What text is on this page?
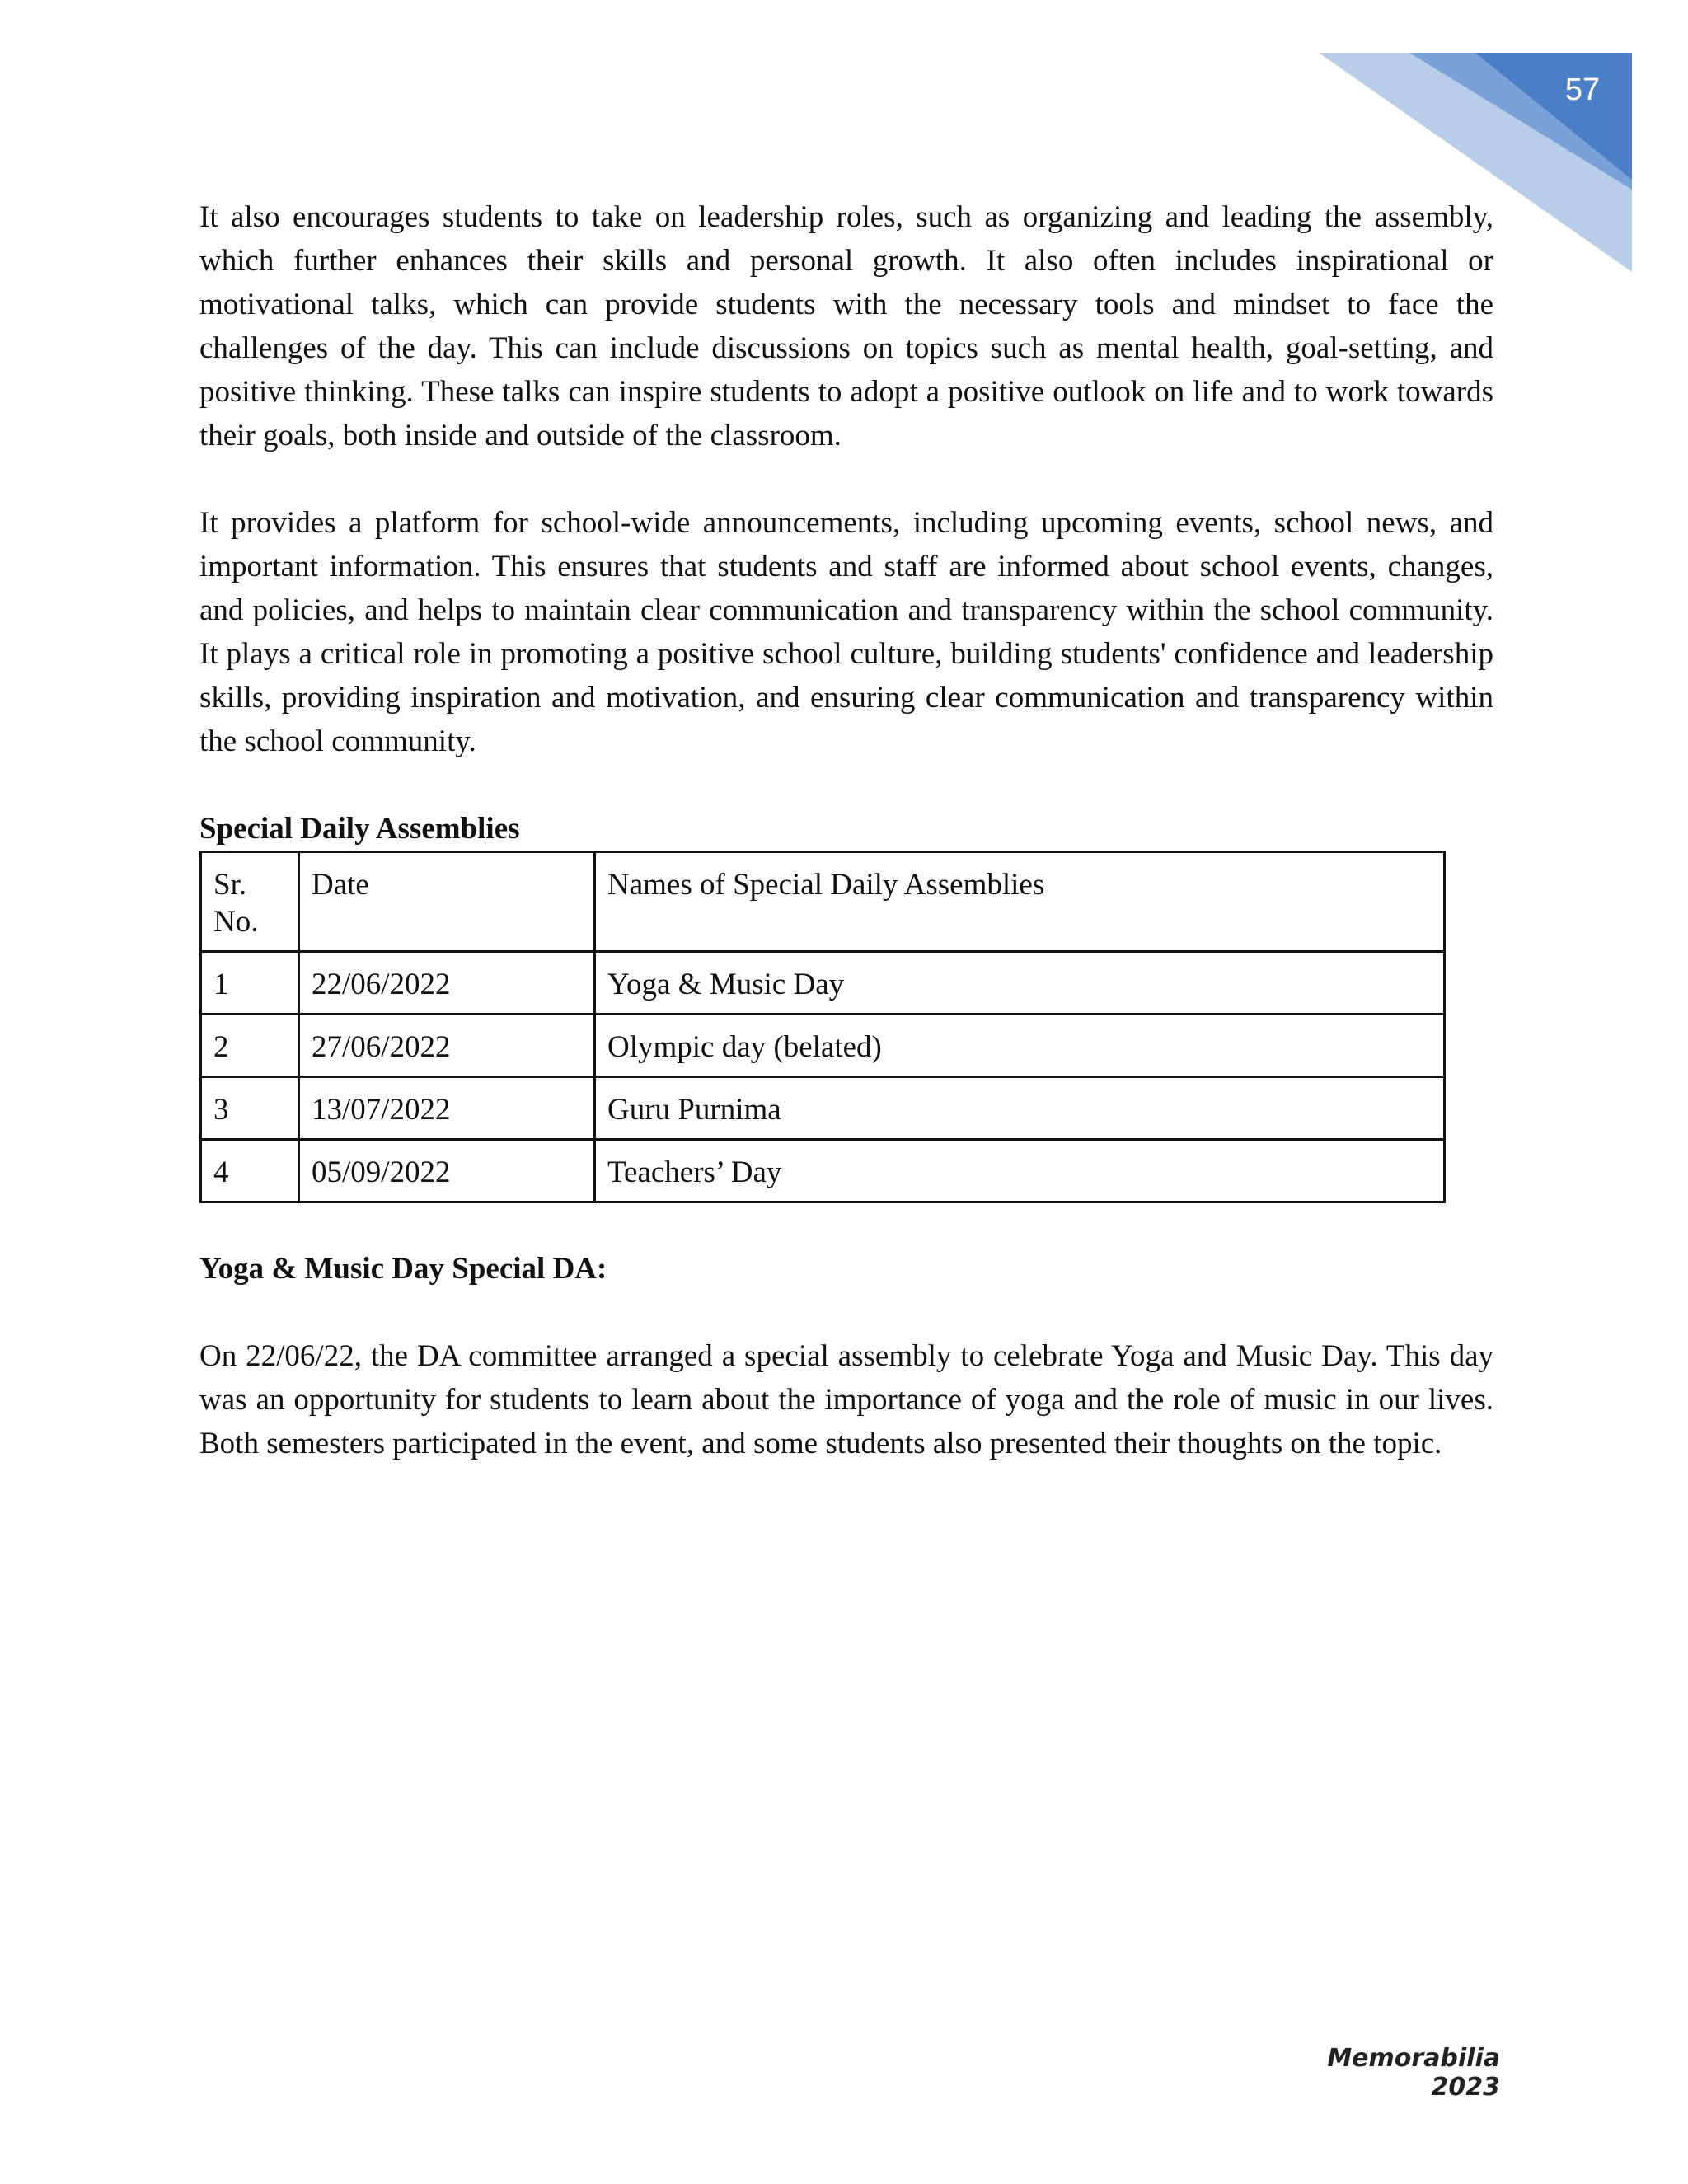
57

It also encourages students to take on leadership roles, such as organizing and leading the assembly, which further enhances their skills and personal growth. It also often includes inspirational or motivational talks, which can provide students with the necessary tools and mindset to face the challenges of the day. This can include discussions on topics such as mental health, goal-setting, and positive thinking. These talks can inspire students to adopt a positive outlook on life and to work towards their goals, both inside and outside of the classroom.

It provides a platform for school-wide announcements, including upcoming events, school news, and important information. This ensures that students and staff are informed about school events, changes, and policies, and helps to maintain clear communication and transparency within the school community. It plays a critical role in promoting a positive school culture, building students' confidence and leadership skills, providing inspiration and motivation, and ensuring clear communication and transparency within the school community.

Special Daily Assemblies

Sr. No.	Date	Names of Special Daily Assemblies
1	22/06/2022	Yoga & Music Day
2	27/06/2022	Olympic day (belated)
3	13/07/2022	Guru Purnima
4	05/09/2022	Teachers’ Day

Yoga & Music Day Special DA:

On 22/06/22, the DA committee arranged a special assembly to celebrate Yoga and Music Day. This day was an opportunity for students to learn about the importance of yoga and the role of music in our lives. Both semesters participated in the event, and some students also presented their thoughts on the topic.

Memorabilia 2023
